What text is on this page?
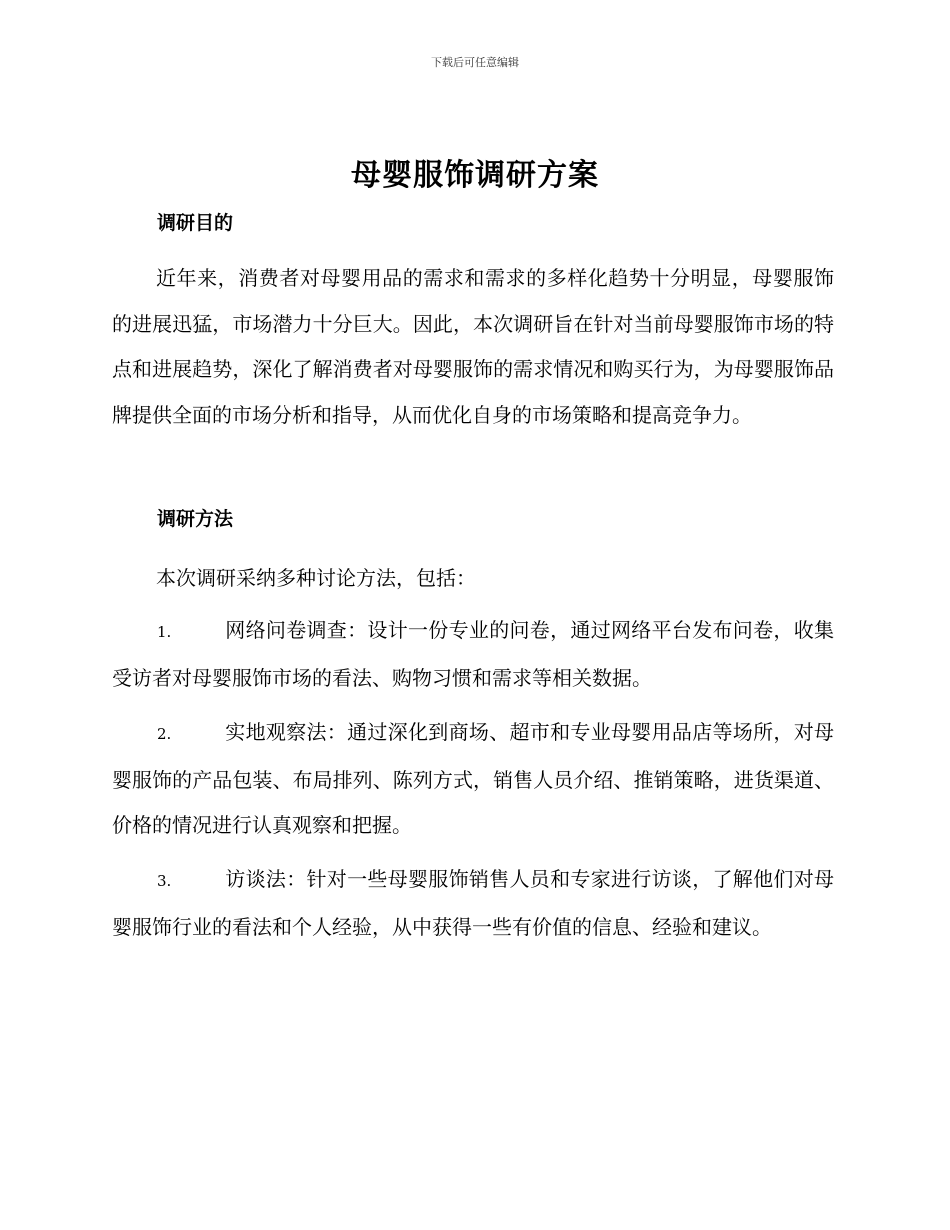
下载后可任意编辑
母婴服饰调研方案
调研目的

近年来，消费者对母婴用品的需求和需求的多样化趋势十分明显，母婴服饰的进展迅猛，市场潜力十分巨大。因此，本次调研旨在针对当前母婴服饰市场的特点和进展趋势，深化了解消费者对母婴服饰的需求情况和购买行为，为母婴服饰品牌提供全面的市场分析和指导，从而优化自身的市场策略和提高竞争力。

调研方法
本次调研采纳多种讨论方法，包括：

1.	网络问卷调查：设计一份专业的问卷，通过网络平台发布问卷，收集受访者对母婴服饰市场的看法、购物习惯和需求等相关数据。

2.	实地观察法：通过深化到商场、超市和专业母婴用品店等场所，对母婴服饰的产品包装、布局排列、陈列方式，销售人员介绍、推销策略，进货渠道、价格的情况进行认真观察和把握。

3.	访谈法：针对一些母婴服饰销售人员和专家进行访谈，了解他们对母婴服饰行业的看法和个人经验，从中获得一些有价值的信息、经验和建议。
